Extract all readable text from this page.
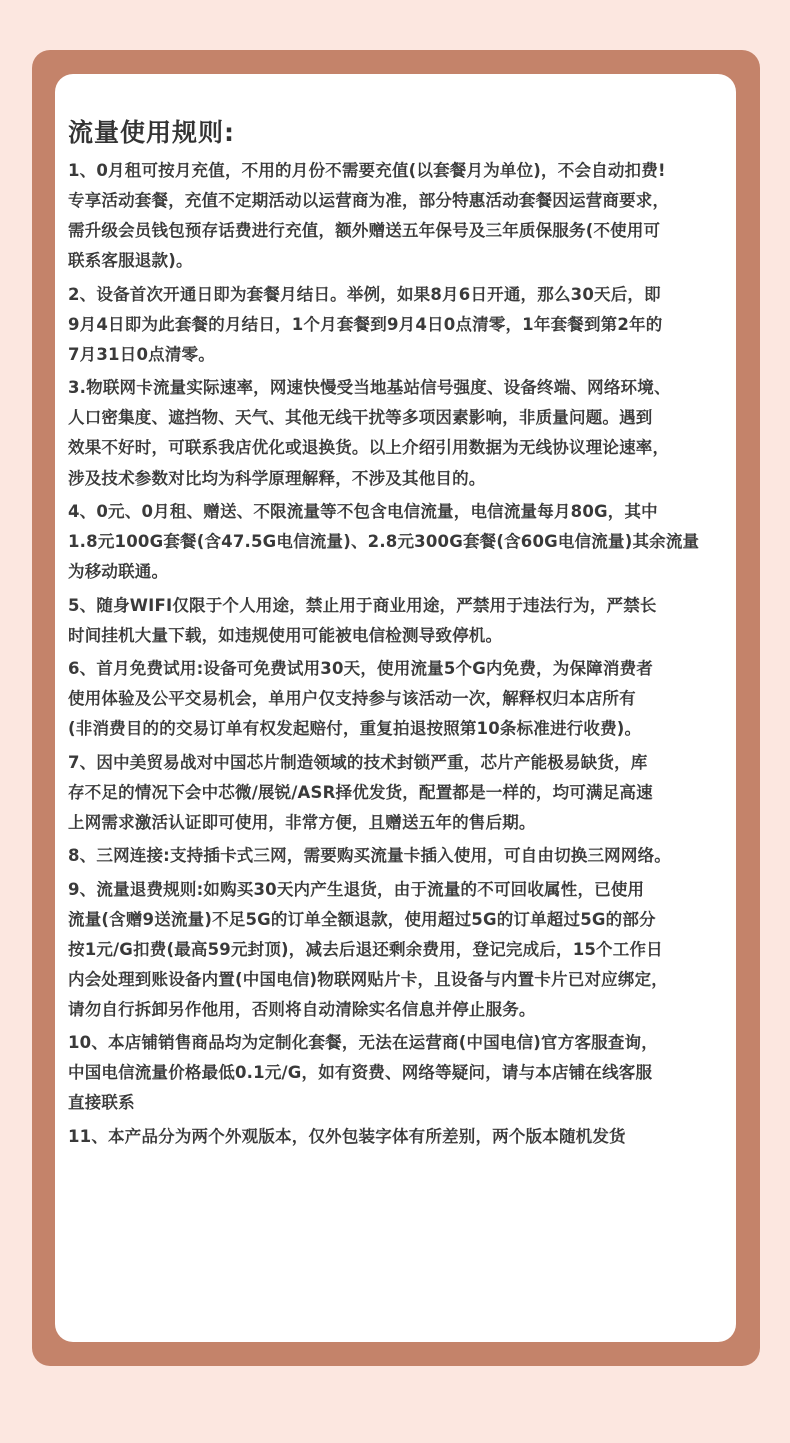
流量使用规则:
1、0月租可按月充值，不用的月份不需要充值(以套餐月为单位)，不会自动扣费!
专享活动套餐，充值不定期活动以运营商为准，部分特惠活动套餐因运营商要求，
需升级会员钱包预存话费进行充值，额外赠送五年保号及三年质保服务(不使用可
联系客服退款)。
2、设备首次开通日即为套餐月结日。举例，如果8月6日开通，那么30天后，即
9月4日即为此套餐的月结日，1个月套餐到9月4日0点清零，1年套餐到第2年的
7月31日0点清零。
3.物联网卡流量实际速率，网速快慢受当地基站信号强度、设备终端、网络环境、
人口密集度、遮挡物、天气、其他无线干扰等多项因素影响，非质量问题。遇到
效果不好时，可联系我店优化或退换货。以上介绍引用数据为无线协议理论速率，
涉及技术参数对比均为科学原理解释，不涉及其他目的。
4、0元、0月租、赠送、不限流量等不包含电信流量，电信流量每月80G，其中
1.8元100G套餐(含47.5G电信流量)、2.8元300G套餐(含60G电信流量)其余流量
为移动联通。
5、随身WIFI仅限于个人用途，禁止用于商业用途，严禁用于违法行为，严禁长
时间挂机大量下载，如违规使用可能被电信检测导致停机。
6、首月免费试用:设备可免费试用30天，使用流量5个G内免费，为保障消费者
使用体验及公平交易机会，单用户仅支持参与该活动一次，解释权归本店所有
(非消费目的的交易订单有权发起赔付，重复拍退按照第10条标准进行收费)。
7、因中美贸易战对中国芯片制造领域的技术封锁严重，芯片产能极易缺货，库
存不足的情况下会中芯微/展锐/ASR择优发货，配置都是一样的，均可满足高速
上网需求激活认证即可使用，非常方便，且赠送五年的售后期。
8、三网连接:支持插卡式三网，需要购买流量卡插入使用，可自由切换三网网络。
9、流量退费规则:如购买30天内产生退货，由于流量的不可回收属性，已使用
流量(含赠9送流量)不足5G的订单全额退款，使用超过5G的订单超过5G的部分
按1元/G扣费(最高59元封顶)，减去后退还剩余费用，登记完成后，15个工作日
内会处理到账设备内置(中国电信)物联网贴片卡，且设备与内置卡片已对应绑定，
请勿自行拆卸另作他用，否则将自动清除实名信息并停止服务。
10、本店铺销售商品均为定制化套餐，无法在运营商(中国电信)官方客服查询，
中国电信流量价格最低0.1元/G，如有资费、网络等疑问，请与本店铺在线客服
直接联系
11、本产品分为两个外观版本，仅外包装字体有所差别，两个版本随机发货
